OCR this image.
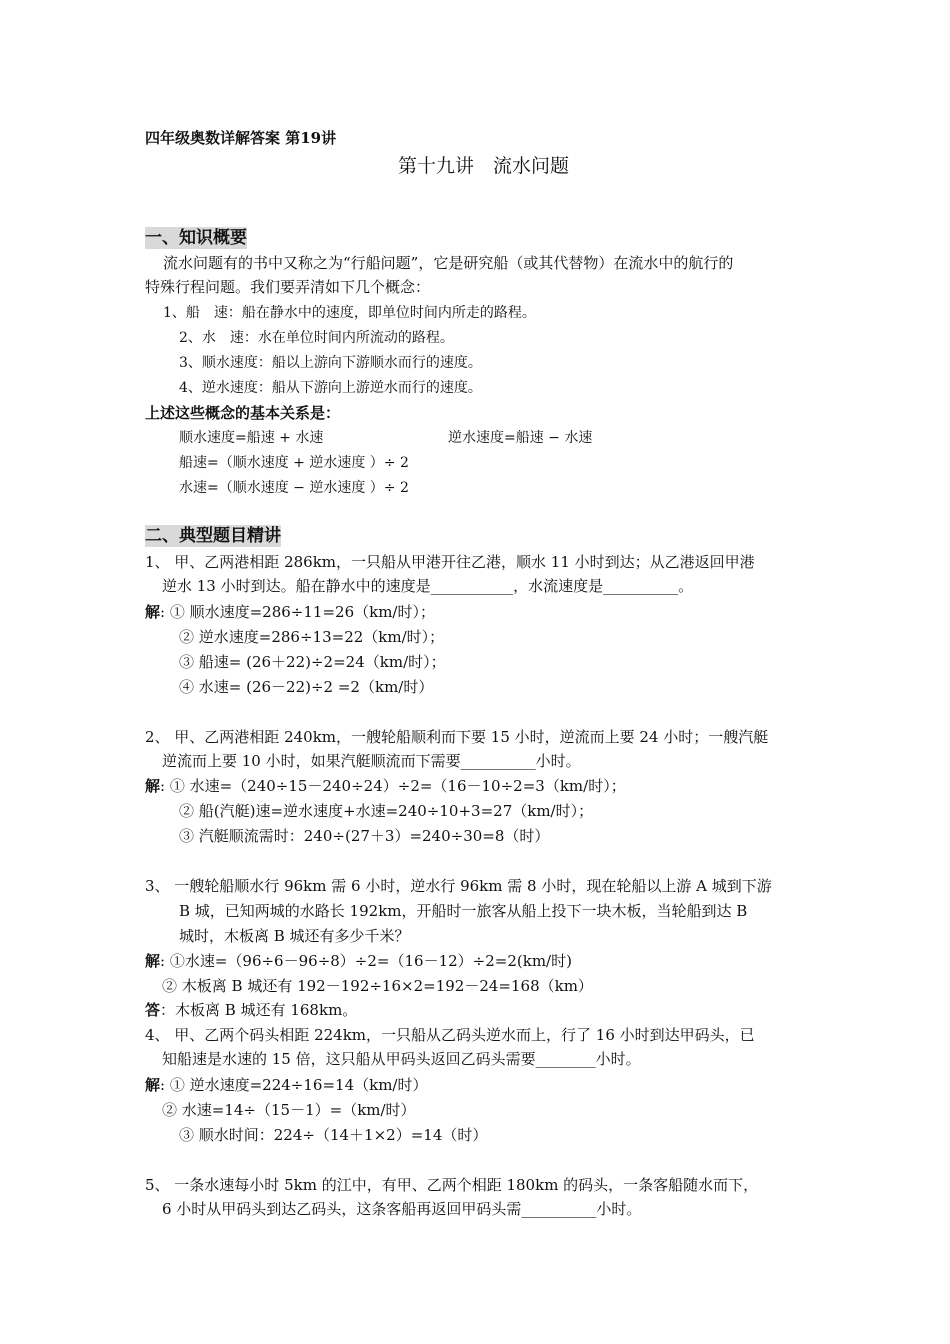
四年级奥数详解答案 第19讲
第十九讲　流水问题
一、知识概要
流水问题有的书中又称之为“行船问题”，它是研究船（或其代替物）在流水中的航行的
特殊行程问题。我们要弄清如下几个概念：
1、船　速：船在静水中的速度，即单位时间内所走的路程。
2、水　速：水在单位时间内所流动的路程。
3、顺水速度：船以上游向下游顺水而行的速度。
4、逆水速度：船从下游向上游逆水而行的速度。
上述这些概念的基本关系是：
顺水速度=船速 + 水速	逆水速度=船速 − 水速
船速=（顺水速度 + 逆水速度 ）÷ 2
水速=（顺水速度 − 逆水速度 ）÷ 2
二、典型题目精讲
1、 甲、乙两港相距 286km，一只船从甲港开往乙港，顺水 11 小时到达；从乙港返回甲港
逆水 13 小时到达。船在静水中的速度是___________，水流速度是__________。
解: ① 顺水速度=286÷11=26（km/时）；
② 逆水速度=286÷13=22（km/时）；
③ 船速= (26＋22)÷2=24（km/时）；
④ 水速= (26－22)÷2 =2（km/时）
2、 甲、乙两港相距 240km，一艘轮船顺利而下要 15 小时，逆流而上要 24 小时；一艘汽艇
逆流而上要 10 小时，如果汽艇顺流而下需要__________小时。
解: ① 水速=（240÷15－240÷24）÷2=（16－10÷2=3（km/时）；
② 船(汽艇)速=逆水速度+水速=240÷10+3=27（km/时）；
③ 汽艇顺流需时：240÷(27＋3）=240÷30=8（时）
3、 一艘轮船顺水行 96km 需 6 小时，逆水行 96km 需 8 小时，现在轮船以上游 A 城到下游
B 城，已知两城的水路长 192km，开船时一旅客从船上投下一块木板，当轮船到达 B
城时，木板离 B 城还有多少千米？
解: ①水速=（96÷6－96÷8）÷2=（16－12）÷2=2(km/时)
② 木板离 B 城还有 192－192÷16×2=192－24=168（km）
答：木板离 B 城还有 168km。
4、 甲、乙两个码头相距 224km，一只船从乙码头逆水而上，行了 16 小时到达甲码头，已
知船速是水速的 15 倍，这只船从甲码头返回乙码头需要________小时。
解: ① 逆水速度=224÷16=14（km/时）
② 水速=14÷（15－1）=（km/时）
③ 顺水时间：224÷（14＋1×2）=14（时）
5、 一条水速每小时 5km 的江中，有甲、乙两个相距 180km 的码头，一条客船随水而下，
6 小时从甲码头到达乙码头，这条客船再返回甲码头需__________小时。
